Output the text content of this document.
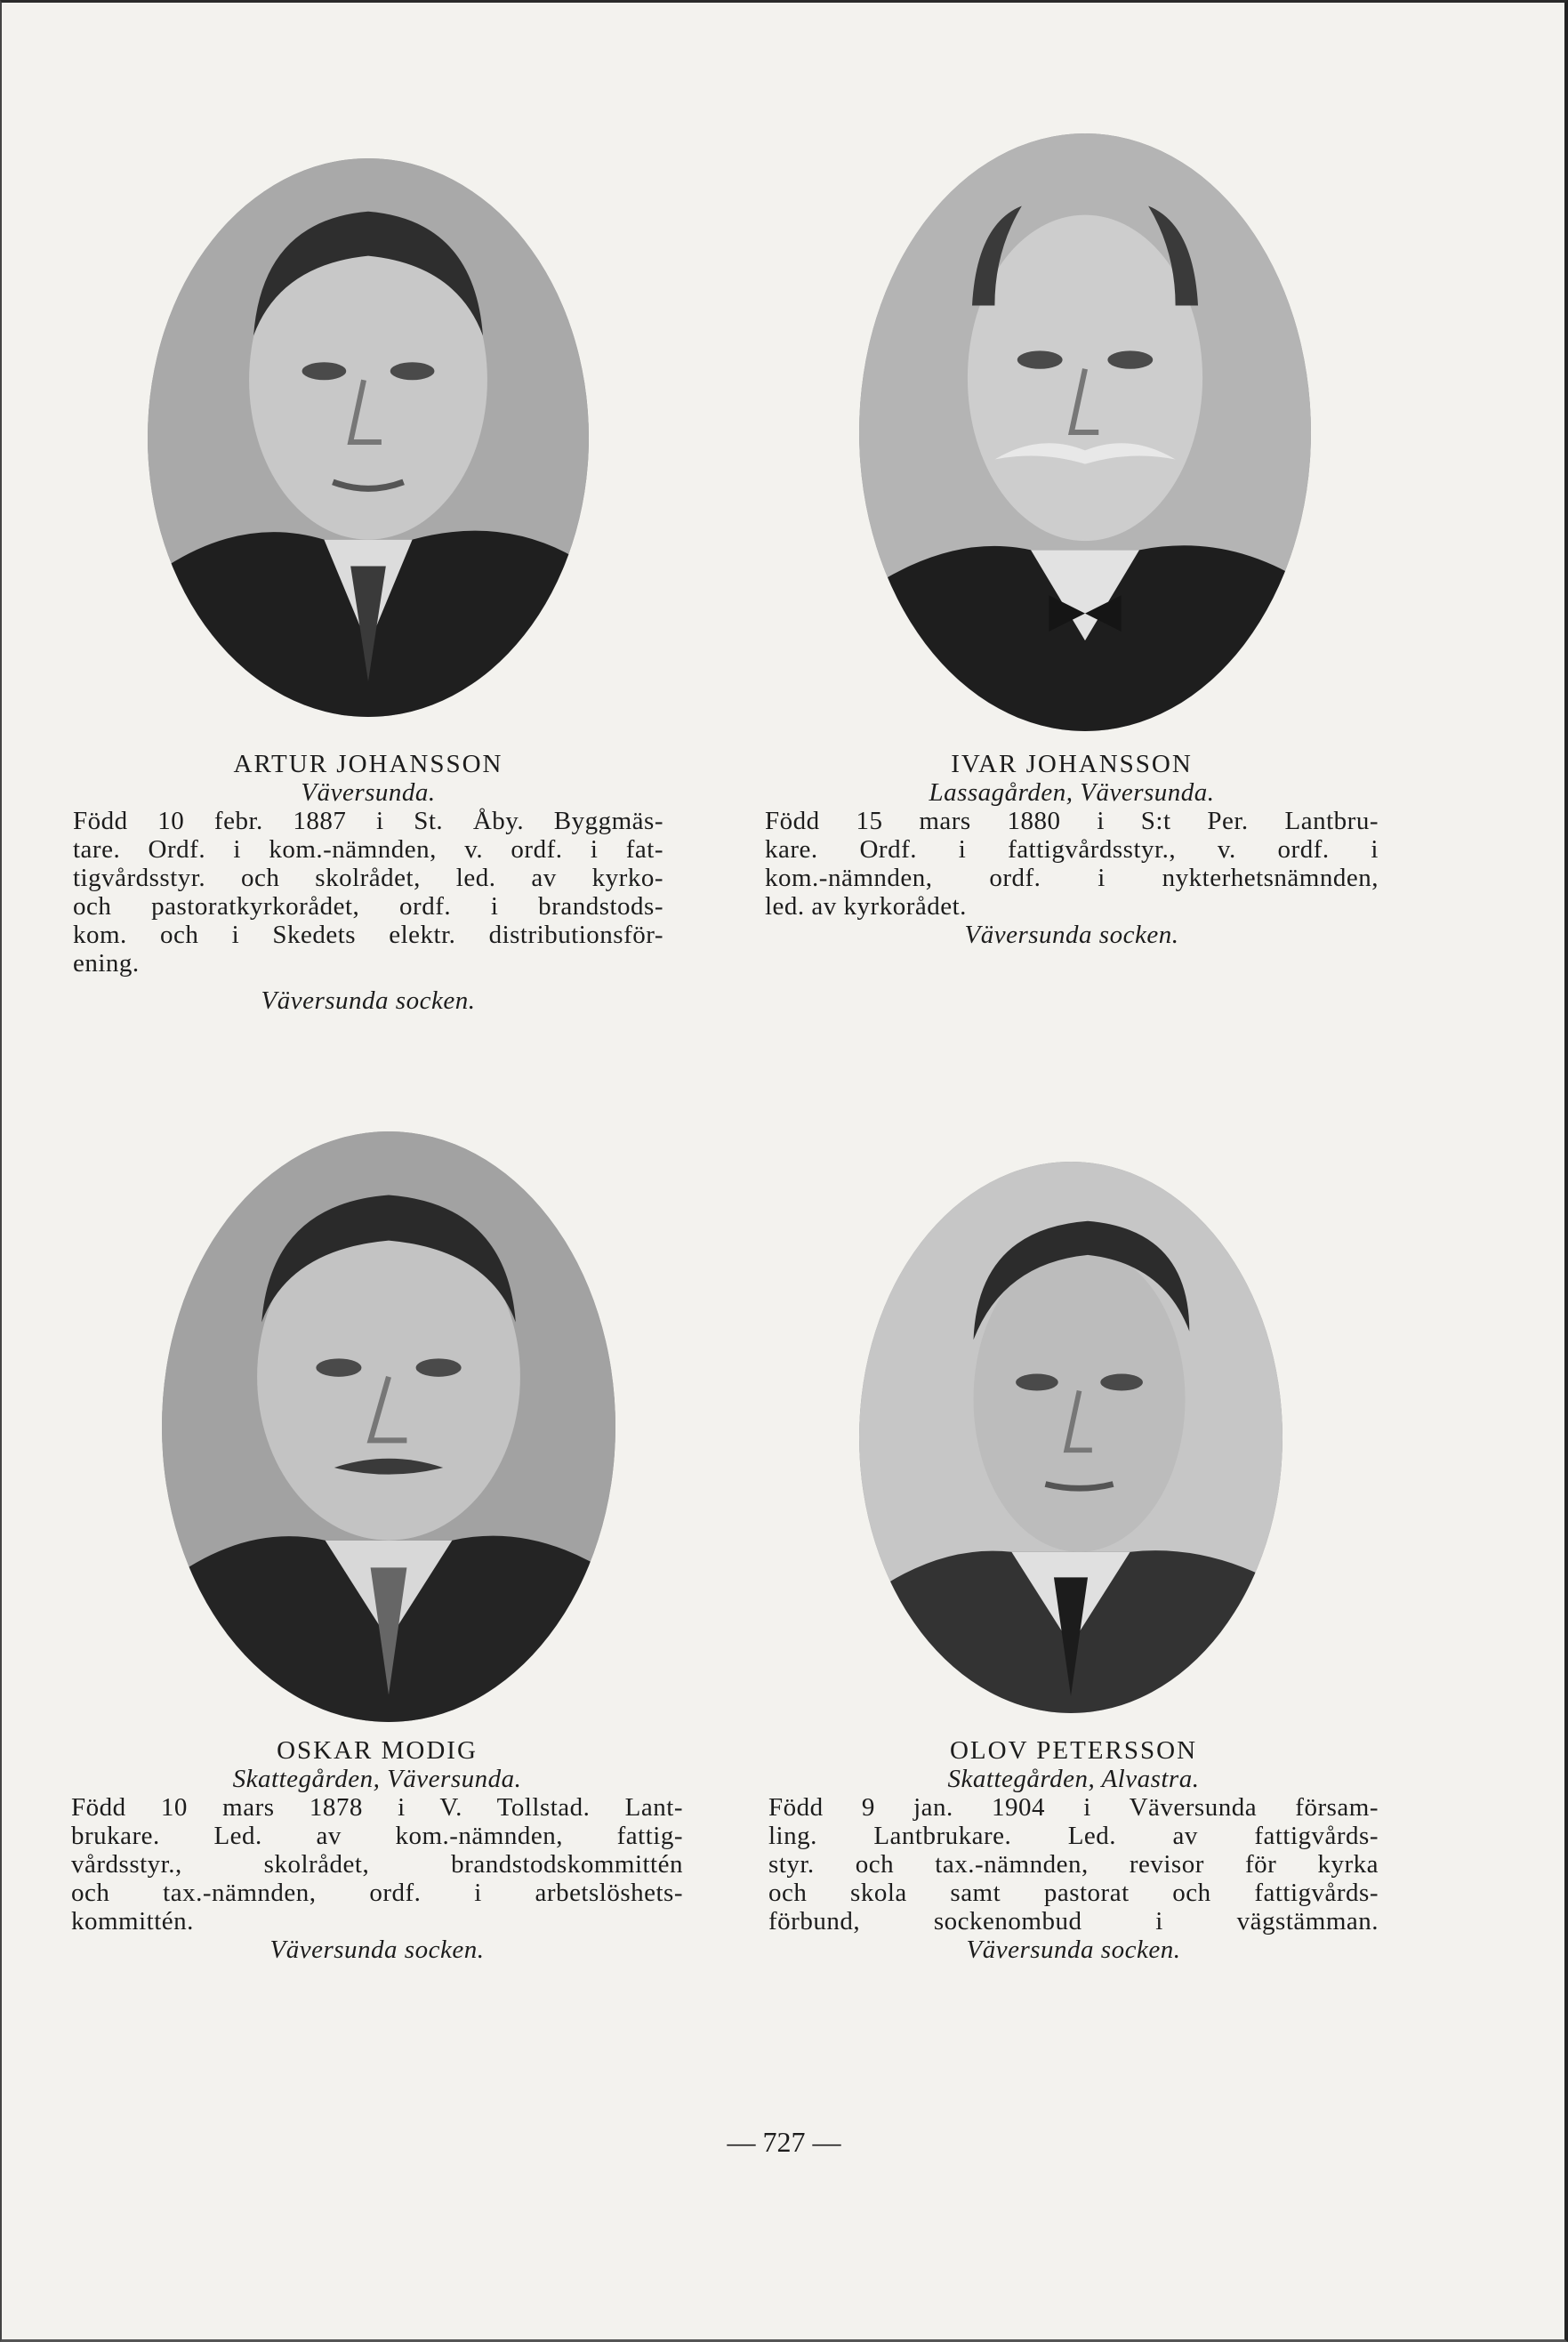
ARTUR JOHANSSON
Väversunda.
Född 10 febr. 1887 i St. Åby. Byggmäs-
tare. Ordf. i kom.-nämnden, v. ordf. i fat-
tigvårdsstyr. och skolrådet, led. av kyrko-
och pastoratkyrkorådet, ordf. i brandstods-
kom. och i Skedets elektr. distributionsför-
ening.
Väversunda socken.
IVAR JOHANSSON
Lassagården, Väversunda.
Född 15 mars 1880 i S:t Per. Lantbru-
kare. Ordf. i fattigvårdsstyr., v. ordf. i
kom.-nämnden, ordf. i nykterhetsnämnden,
led. av kyrkorådet.
Väversunda socken.
OSKAR MODIG
Skattegården, Väversunda.
Född 10 mars 1878 i V. Tollstad. Lant-
brukare. Led. av kom.-nämnden, fattig-
vårdsstyr., skolrådet, brandstodskommittén
och tax.-nämnden, ordf. i arbetslöshets-
kommittén.
Väversunda socken.
OLOV PETERSSON
Skattegården, Alvastra.
Född 9 jan. 1904 i Väversunda försam-
ling. Lantbrukare. Led. av fattigvårds-
styr. och tax.-nämnden, revisor för kyrka
och skola samt pastorat och fattigvårds-
förbund, sockenombud i vägstämman.
Väversunda socken.
— 727 —
